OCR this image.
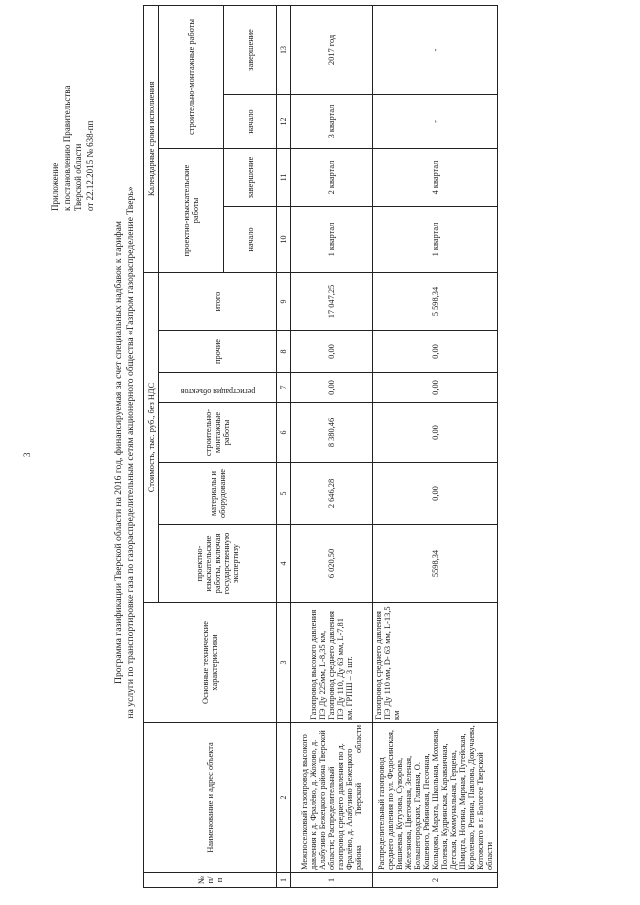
3
Приложение к постановлению Правительства Тверской области от 22.12.2015 № 638-пп
Программа газификации Тверской области на 2016 год, финансируемая за счет специальных надбавок к тарифам на услуги по транспортировке газа по газораспределительным сетям акционерного общества «Газпром газораспределение Тверь»
№ п/п	Наименование и адрес объекта	Основные технические характеристики	Стоимость, тыс. руб., без НДС						Календарные сроки исполнения			
			проектно-изыскательские работы, включая государственную экспертизу	материалы и оборудование	строительно-монтажные работы	регистрация объектов	прочие	итого	проектно-изыскательские работы		строительно-монтажные работы	
									начало	завершение	начало	завершение
1	2	3	4	5	6	7	8	9	10	11	12	13
1	Межпоселковый газопровод высокого давления к д. Фралёво, д. Жохово, д. Алабузино Бежецкого района Тверской области; Распределительный газопровод среднего давления по д. Фралёво, д. Алабузино Бежецкого района Тверской области	Газопровод высокого давления ПЭ Ду 225мм, L-8,35 км, Газопровод среднего давления ПЭ Ду 110, Ду 63 мм, L-7,81 км. ГРПШ – 3 шт.	6 020,50	2 646,28	8 380,46	0,00	0,00	17 047,25	1 квартал	2 квартал	3 квартал	2017 год
2	Распределительный газопровод среднего давления по ул. Федосинская, Вишневая, Кутузова, Суворова, Железнова, Цветочная, Зеленая, Большегородских, Главная, О. Кошевого, Рябиновая, Песочная, Кольцова, Марата, Школьная, Моховая, Полевая, Кудринская, Караваичная, Детская, Коммунальная, Герцена, Шмидта, Ногина, Мирная, Путейская, Короленко, Репина, Павлова, Докучаева, Котовского в г. Бологое Тверской области	Газопровод среднего давления ПЭ Ду 110 мм, D- 63 мм, L-13,5 км	5598,34	0,00	0,00	0,00	0,00	5 598,34	1 квартал	4 квартал	-	-
